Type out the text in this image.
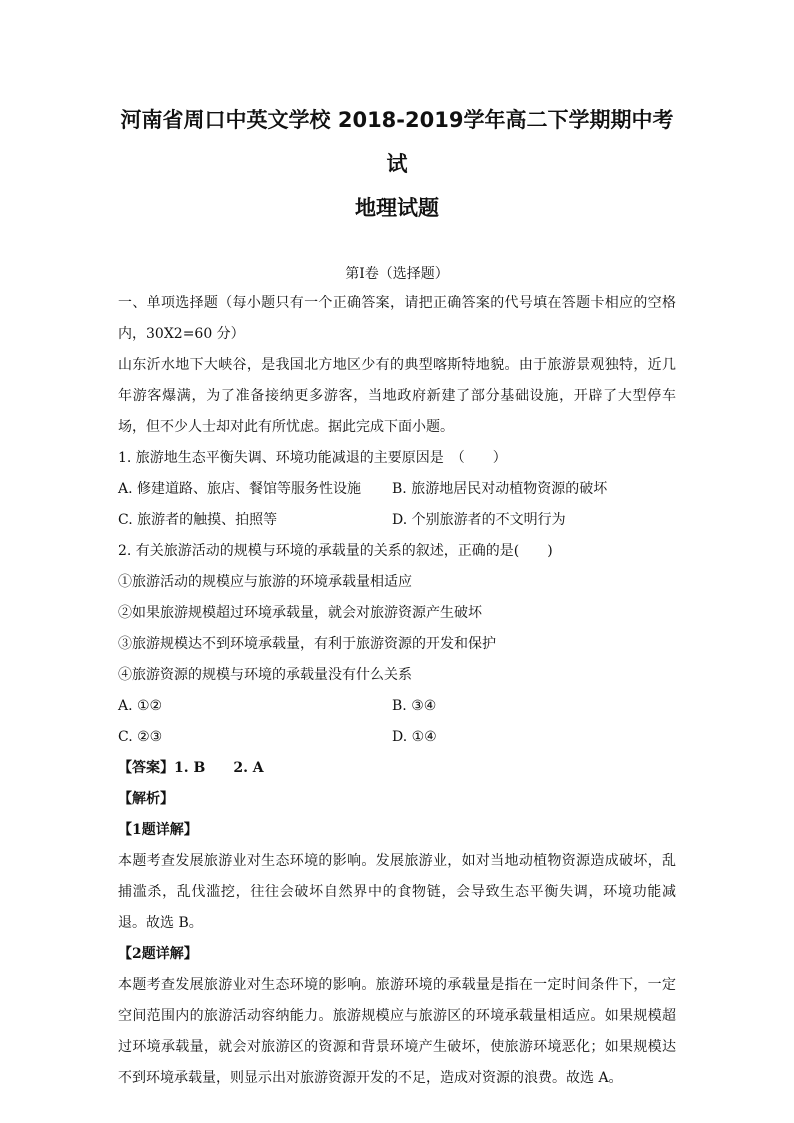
河南省周口中英文学校 2018-2019学年高二下学期期中考试
地理试题

第I卷（选择题）

一、单项选择题（每小题只有一个正确答案，请把正确答案的代号填在答题卡相应的空格内，30X2=60 分）

山东沂水地下大峡谷，是我国北方地区少有的典型喀斯特地貌。由于旅游景观独特，近几年游客爆满，为了准备接纳更多游客，当地政府新建了部分基础设施，开辟了大型停车场，但不少人士却对此有所忧虑。据此完成下面小题。

1. 旅游地生态平衡失调、环境功能减退的主要原因是　（　　）

A. 修建道路、旅店、餐馆等服务性设施	B. 旅游地居民对动植物资源的破坏
C. 旅游者的触摸、拍照等	D. 个别旅游者的不文明行为

2. 有关旅游活动的规模与环境的承载量的关系的叙述，正确的是(　　)

①旅游活动的规模应与旅游的环境承载量相适应

②如果旅游规模超过环境承载量，就会对旅游资源产生破坏

③旅游规模达不到环境承载量，有利于旅游资源的开发和保护

④旅游资源的规模与环境的承载量没有什么关系

A. ①②	B. ③④
C. ②③	D. ①④

【答案】1. B　　2. A

【解析】

【1题详解】

本题考查发展旅游业对生态环境的影响。发展旅游业，如对当地动植物资源造成破坏，乱捕滥杀，乱伐滥挖，往往会破坏自然界中的食物链，会导致生态平衡失调，环境功能减退。故选 B。

【2题详解】

本题考查发展旅游业对生态环境的影响。旅游环境的承载量是指在一定时间条件下，一定空间范围内的旅游活动容纳能力。旅游规模应与旅游区的环境承载量相适应。如果规模超过环境承载量，就会对旅游区的资源和背景环境产生破坏，使旅游环境恶化；如果规模达不到环境承载量，则显示出对旅游资源开发的不足，造成对资源的浪费。故选 A。
